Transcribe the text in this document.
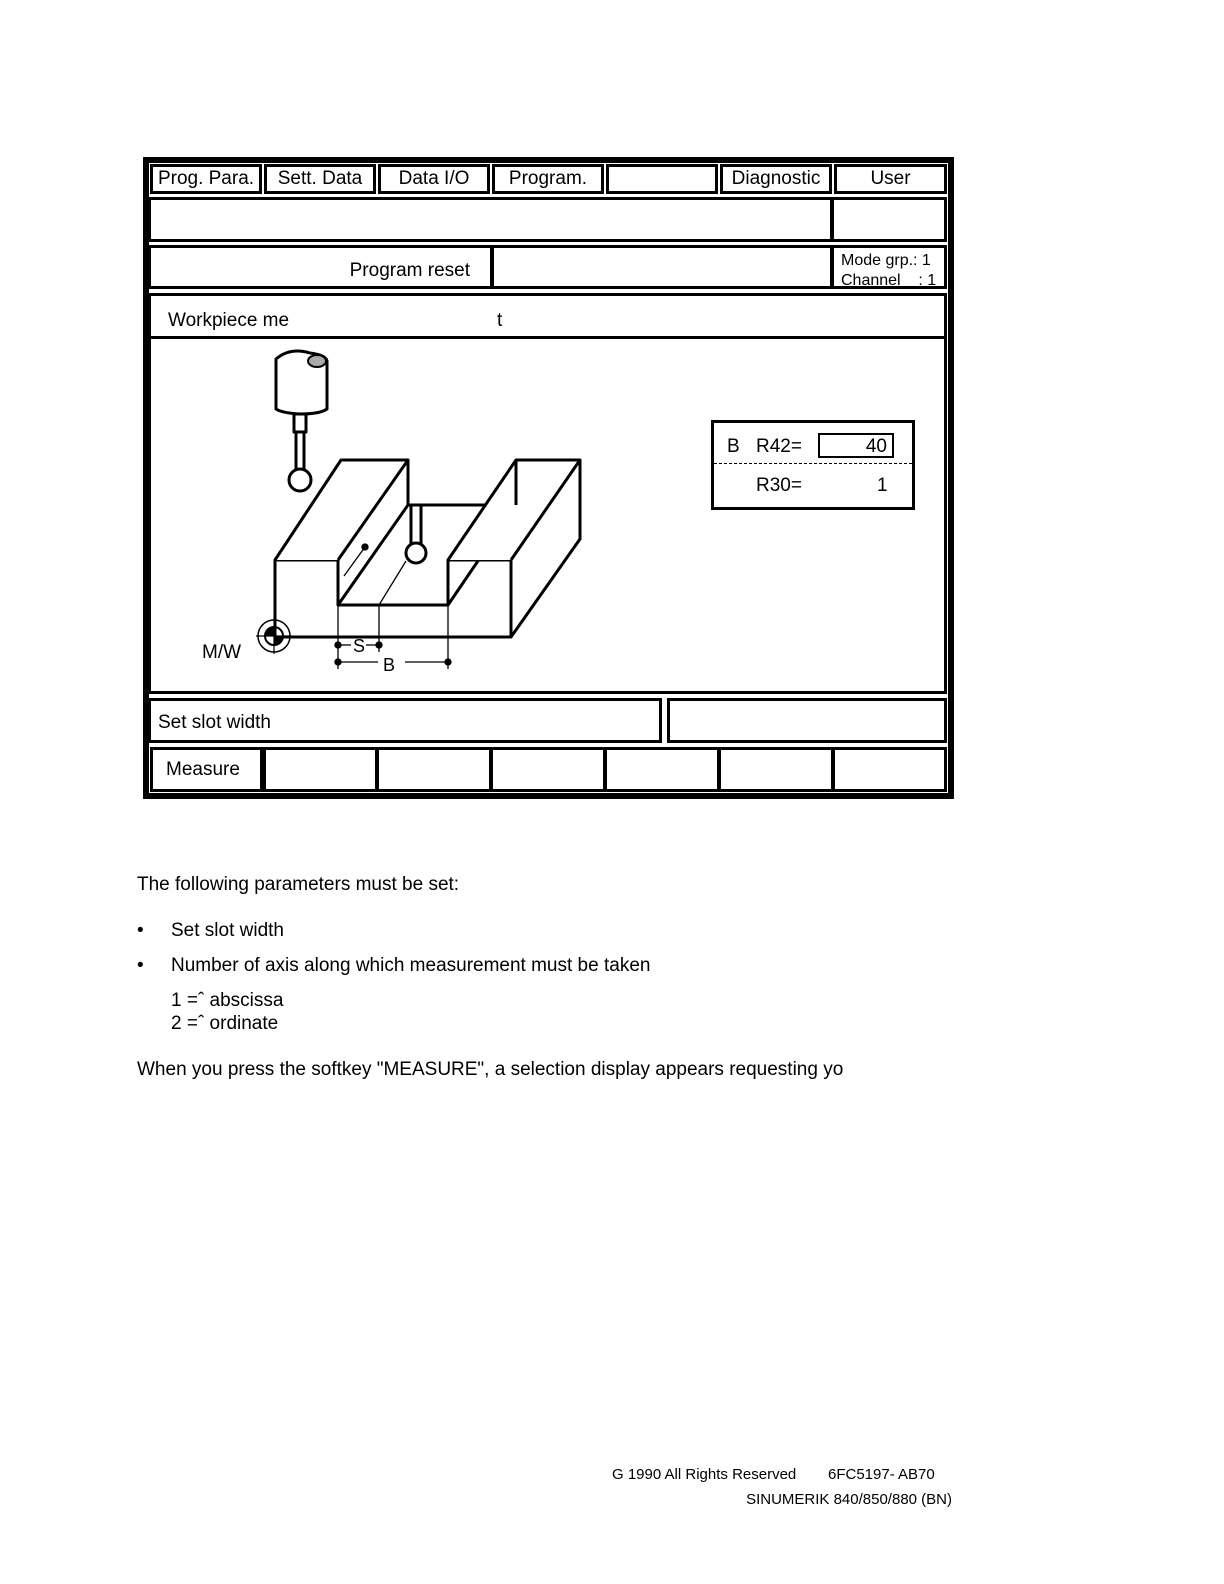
Prog. Para. Sett. Data Data I/O Program.	Diagnostic	User
Program reset	Mode grp.: 1
Channel    : 1
Workpiece me	t
M/W	S
B
B R42=	40
R30=	1
Set slot width
Measure
The following parameters must be set:
• Set slot width
• Number of axis along which measurement must be taken
1 =ˆ abscissa
2 =ˆ ordinate
When you press the softkey "MEASURE", a selection display appears requesting yo
G 1990 All Rights Reserved 6FC5197- AB70
SINUMERIK 840/850/880 (BN)
